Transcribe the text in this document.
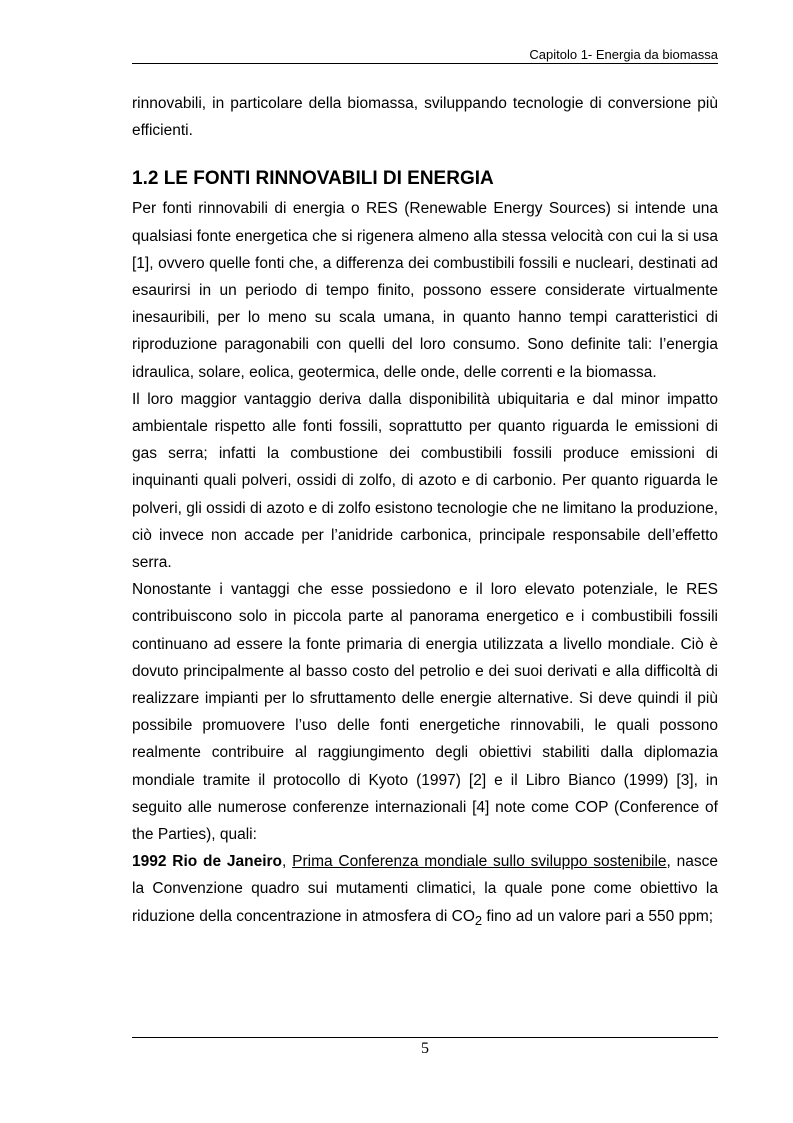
Capitolo 1- Energia da biomassa

rinnovabili, in particolare della biomassa, sviluppando tecnologie di conversione più efficienti.

1.2 LE FONTI RINNOVABILI DI ENERGIA

Per fonti rinnovabili di energia o RES (Renewable Energy Sources) si intende una qualsiasi fonte energetica che si rigenera almeno alla stessa velocità con cui la si usa [1], ovvero quelle fonti che, a differenza dei combustibili fossili e nucleari, destinati ad esaurirsi in un periodo di tempo finito, possono essere considerate virtualmente inesauribili, per lo meno su scala umana, in quanto hanno tempi caratteristici di riproduzione paragonabili con quelli del loro consumo. Sono definite tali: l’energia idraulica, solare, eolica, geotermica, delle onde, delle correnti e la biomassa.

Il loro maggior vantaggio deriva dalla disponibilità ubiquitaria e dal minor impatto ambientale rispetto alle fonti fossili, soprattutto per quanto riguarda le emissioni di gas serra; infatti la combustione dei combustibili fossili produce emissioni di inquinanti quali polveri, ossidi di zolfo, di azoto e di carbonio. Per quanto riguarda le polveri, gli ossidi di azoto e di zolfo esistono tecnologie che ne limitano la produzione, ciò invece non accade per l’anidride carbonica, principale responsabile dell’effetto serra.

Nonostante i vantaggi che esse possiedono e il loro elevato potenziale, le RES contribuiscono solo in piccola parte al panorama energetico e i combustibili fossili continuano ad essere la fonte primaria di energia utilizzata a livello mondiale. Ciò è dovuto principalmente al basso costo del petrolio e dei suoi derivati e alla difficoltà di realizzare impianti per lo sfruttamento delle energie alternative. Si deve quindi il più possibile promuovere l’uso delle fonti energetiche rinnovabili, le quali possono realmente contribuire al raggiungimento degli obiettivi stabiliti dalla diplomazia mondiale tramite il protocollo di Kyoto (1997) [2] e il Libro Bianco (1999) [3], in seguito alle numerose conferenze internazionali [4] note come COP (Conference of the Parties), quali:

1992 Rio de Janeiro, Prima Conferenza mondiale sullo sviluppo sostenibile, nasce la Convenzione quadro sui mutamenti climatici, la quale pone come obiettivo la riduzione della concentrazione in atmosfera di $CO_2$ fino ad un valore pari a 550 ppm;

5
